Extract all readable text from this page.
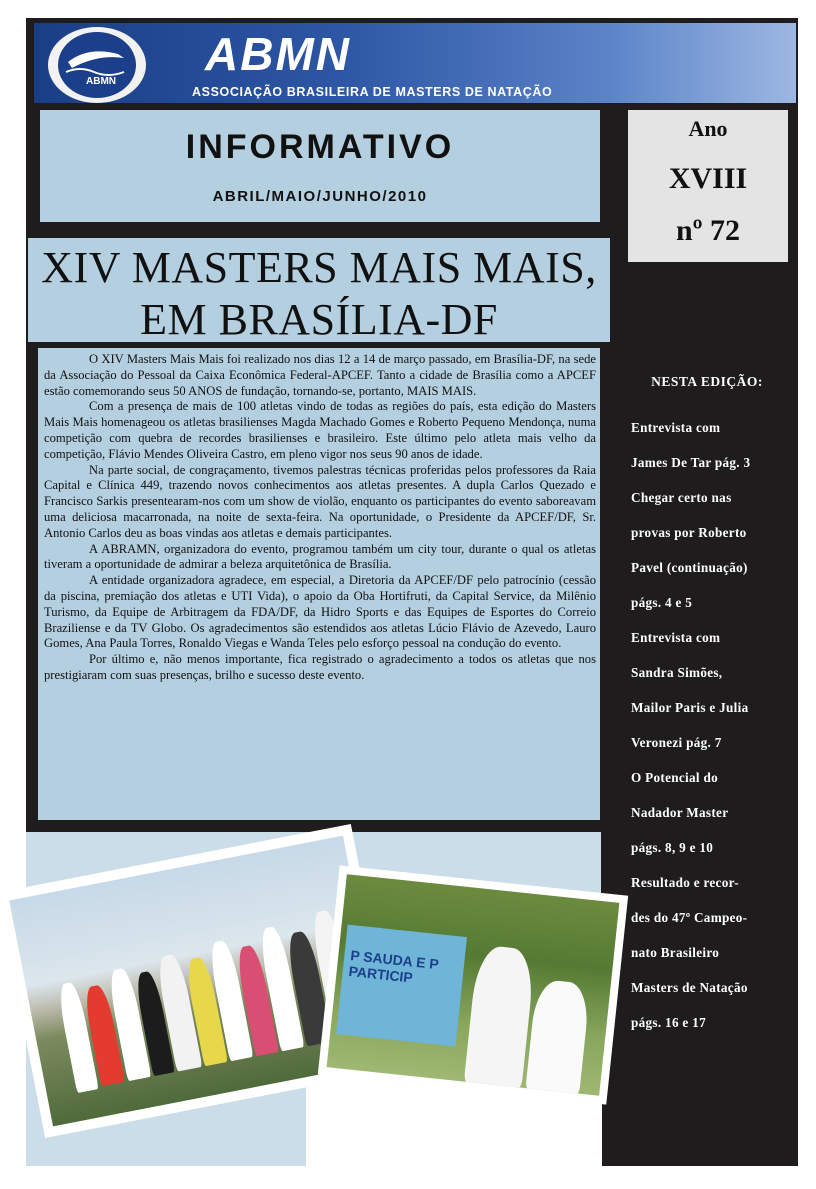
ABMN
ABMN
ASSOCIAÇÃO BRASILEIRA DE MASTERS DE NATAÇÃO
INFORMATIVO
ABRIL/MAIO/JUNHO/2010
Ano
XVIII
nº 72
XIV MASTERS MAIS MAIS,
EM BRASÍLIA-DF

O XIV Masters Mais Mais foi realizado nos dias 12 a 14 de março passado, em Brasília-DF, na sede da Associação do Pessoal da Caixa Econômica Federal-APCEF. Tanto a cidade de Brasília como a APCEF estão comemorando seus 50 ANOS de fundação, tornando-se, portanto, MAIS MAIS.

Com a presença de mais de 100 atletas vindo de todas as regiões do país, esta edição do Masters Mais Mais homenageou os atletas brasilienses Magda Machado Gomes e Roberto Pequeno Mendonça, numa competição com quebra de recordes brasilienses e brasileiro. Este último pelo atleta mais velho da competição, Flávio Mendes Oliveira Castro, em pleno vigor nos seus 90 anos de idade.

Na parte social, de congraçamento, tivemos palestras técnicas proferidas pelos professores da Raia Capital e Clínica 449, trazendo novos conhecimentos aos atletas presentes. A dupla Carlos Quezado e Francisco Sarkis presentearam-nos com um show de violão, enquanto os participantes do evento saboreavam uma deliciosa macarronada, na noite de sexta-feira. Na oportunidade, o Presidente da APCEF/DF, Sr. Antonio Carlos deu as boas vindas aos atletas e demais participantes.

A ABRAMN, organizadora do evento, programou também um city tour, durante o qual os atletas tiveram a oportunidade de admirar a beleza arquitetônica de Brasília.

A entidade organizadora agradece, em especial, a Diretoria da APCEF/DF pelo patrocínio (cessão da piscina, premiação dos atletas e UTI Vida), o apoio da Oba Hortifruti, da Capital Service, da Milênio Turismo, da Equipe de Arbitragem da FDA/DF, da Hidro Sports e das Equipes de Esportes do Correio Braziliense e da TV Globo. Os agradecimentos são estendidos aos atletas Lúcio Flávio de Azevedo, Lauro Gomes, Ana Paula Torres, Ronaldo Viegas e Wanda Teles pelo esforço pessoal na condução do evento.

Por último e, não menos importante, fica registrado o agradecimento a todos os atletas que nos prestigiaram com suas presenças, brilho e sucesso deste evento.

P SAUDA E P PARTICIP
NESTA EDIÇÃO:
Entrevista com
James De Tar pág. 3
Chegar certo nas
provas por Roberto
Pavel (continuação)
págs. 4 e 5
Entrevista com
Sandra Simões,
Mailor Paris e Julia
Veronezi pág. 7
O Potencial do
Nadador Master
págs. 8, 9 e 10
Resultado e recor-
des do 47º Campeo-
nato Brasileiro
Masters de Natação
págs. 16 e 17
